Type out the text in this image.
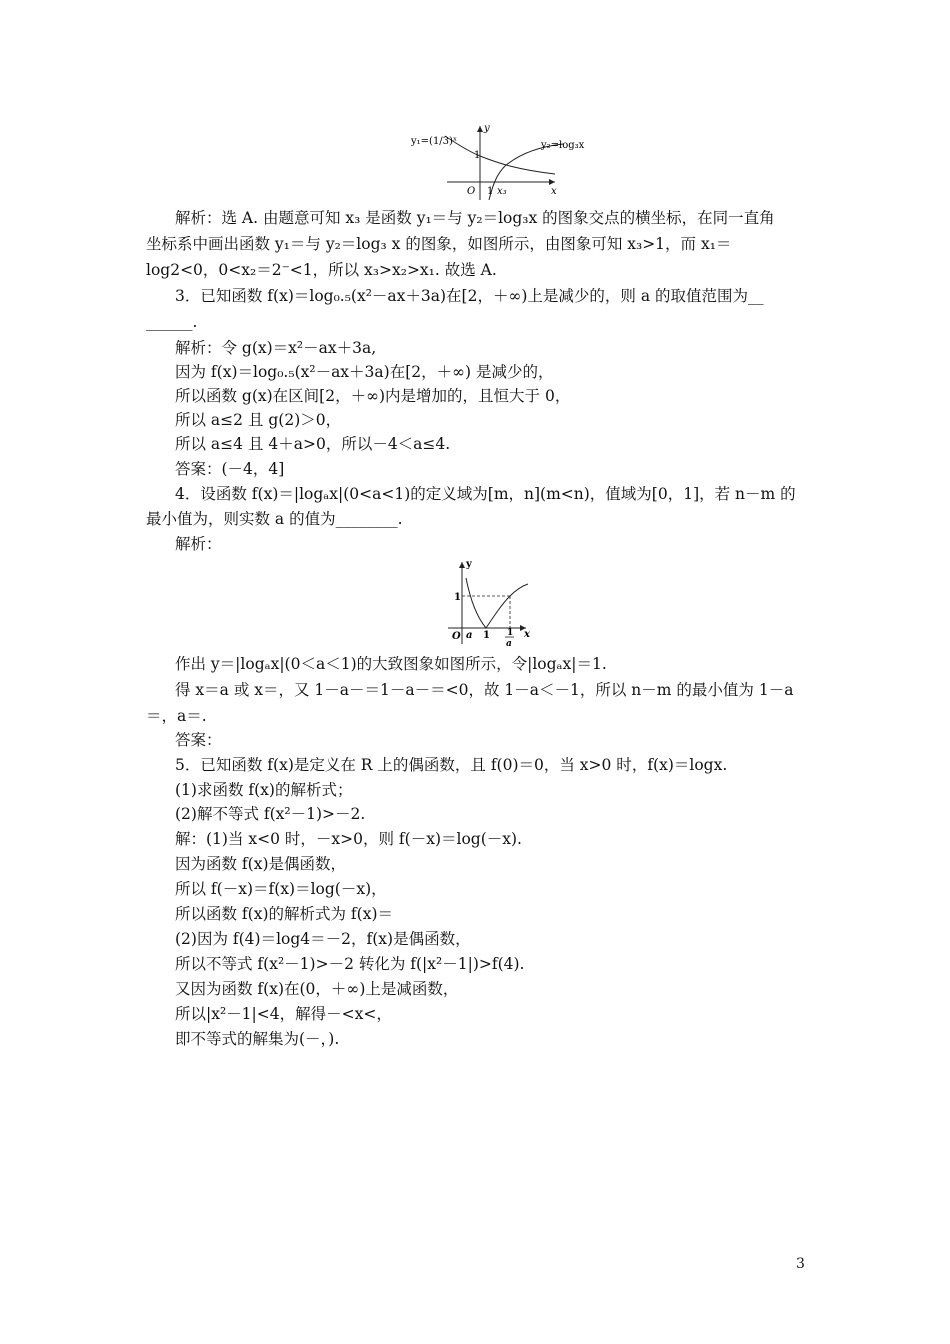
y₁=(1/3)ˣ	y₂=log₃x
y
x
1
O 1 x₃
解析：选 A. 由题意可知 x₃ 是函数 y₁＝与 y₂＝log₃x 的图象交点的横坐标，在同一直角
坐标系中画出函数 y₁＝与 y₂＝log₃ x 的图象，如图所示，由图象可知 x₃>1，而 x₁＝
log2<0，0<x₂＝2⁻<1，所以 x₃>x₂>x₁. 故选 A.
3．已知函数 f(x)＝log₀.₅(x²－ax＋3a)在[2，＋∞)上是减少的，则 a 的取值范围为__
______.
解析：令 g(x)＝x²－ax＋3a,
因为 f(x)＝log₀.₅(x²－ax＋3a)在[2，＋∞) 是减少的，
所以函数 g(x)在区间[2，＋∞)内是增加的，且恒大于 0，
所以 a≤2 且 g(2)＞0，
所以 a≤4 且 4＋a>0，所以－4＜a≤4.
答案：(－4，4]
4．设函数 f(x)＝|logₐx|(0<a<1)的定义域为[m，n](m<n)，值域为[0，1]，若 n－m 的
最小值为，则实数 a 的值为________.
解析：
y
x
1
O a 1 1
a
作出 y＝|logₐx|(0＜a＜1)的大致图象如图所示，令|logₐx|＝1.
得 x＝a 或 x＝，又 1－a－＝1－a－＝<0，故 1－a＜－1，所以 n－m 的最小值为 1－a
＝，a＝.
答案：
5．已知函数 f(x)是定义在 R 上的偶函数，且 f(0)＝0，当 x>0 时，f(x)＝logx.
(1)求函数 f(x)的解析式；
(2)解不等式 f(x²－1)>－2.
解：(1)当 x<0 时，－x>0，则 f(－x)＝log(－x).
因为函数 f(x)是偶函数，
所以 f(－x)＝f(x)＝log(－x)，
所以函数 f(x)的解析式为 f(x)＝
(2)因为 f(4)＝log4＝－2，f(x)是偶函数，
所以不等式 f(x²－1)>－2 转化为 f(|x²－1|)>f(4).
又因为函数 f(x)在(0，＋∞)上是减函数，
所以|x²－1|<4，解得－<x<，
即不等式的解集为(－，).
3
